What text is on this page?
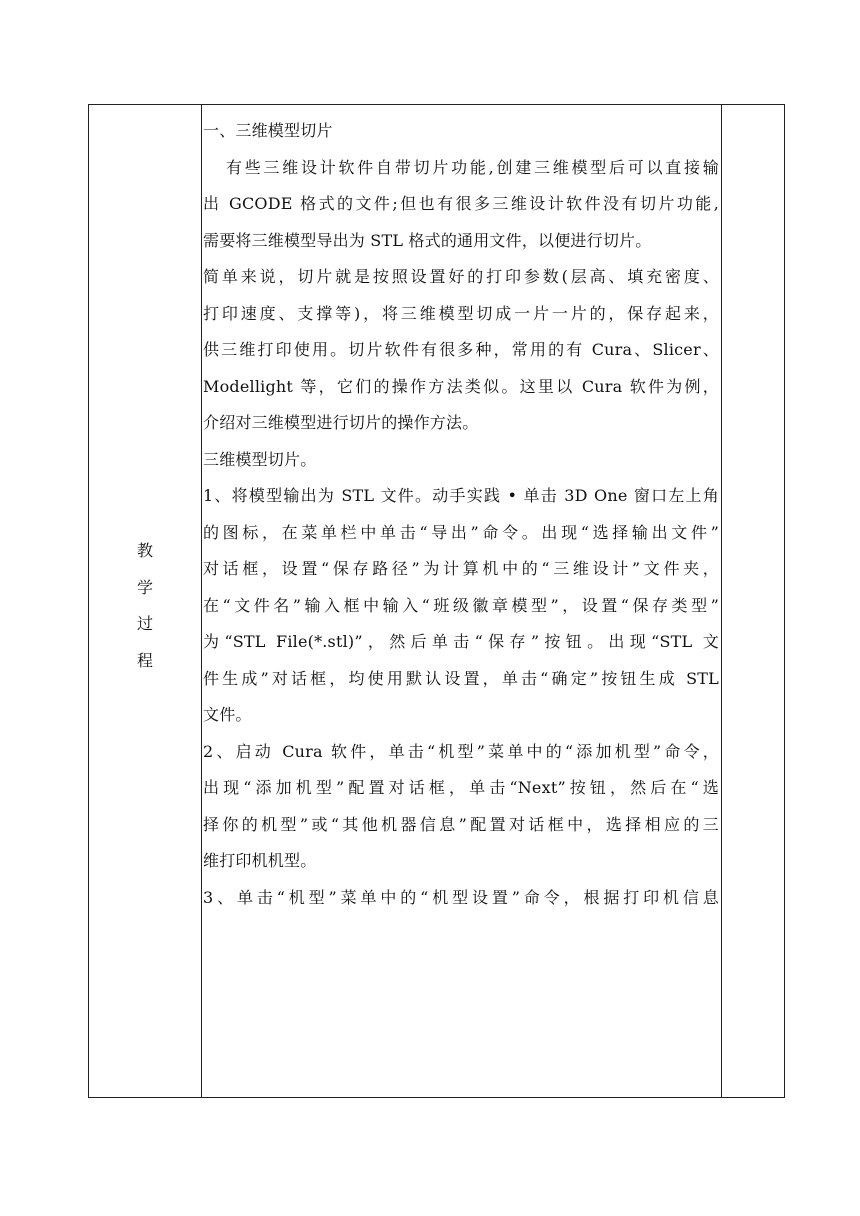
教
学
过
程
一、三维模型切片
有些三维设计软件自带切片功能,创建三维模型后可以直接输
出 GCODE 格式的文件;但也有很多三维设计软件没有切片功能,
需要将三维模型导出为 STL 格式的通用文件，以便进行切片。
简单来说，切片就是按照设置好的打印参数(层高、填充密度、
打印速度、支撑等)，将三维模型切成一片一片的，保存起来，
供三维打印使用。切片软件有很多种，常用的有 Cura、Slicer、
Modellight 等，它们的操作方法类似。这里以 Cura 软件为例，
介绍对三维模型进行切片的操作方法。
三维模型切片。
1、将模型输出为 STL 文件。动手实践 • 单击 3D One 窗口左上角
的图标，在菜单栏中单击“导出”命令。出现“选择输出文件”
对话框，设置“保存路径”为计算机中的“三维设计”文件夹，
在“文件名”输入框中输入“班级徽章模型”，设置“保存类型”
为“STL File(*.stl)”，然后单击“保存”按钮。出现“STL 文
件生成”对话框，均使用默认设置，单击“确定”按钮生成 STL
文件。
2、启动 Cura 软件，单击“机型”菜单中的“添加机型”命令，
出现“添加机型”配置对话框，单击“Next”按钮，然后在“选
择你的机型”或“其他机器信息”配置对话框中，选择相应的三
维打印机机型。
3、单击“机型”菜单中的“机型设置”命令，根据打印机信息
